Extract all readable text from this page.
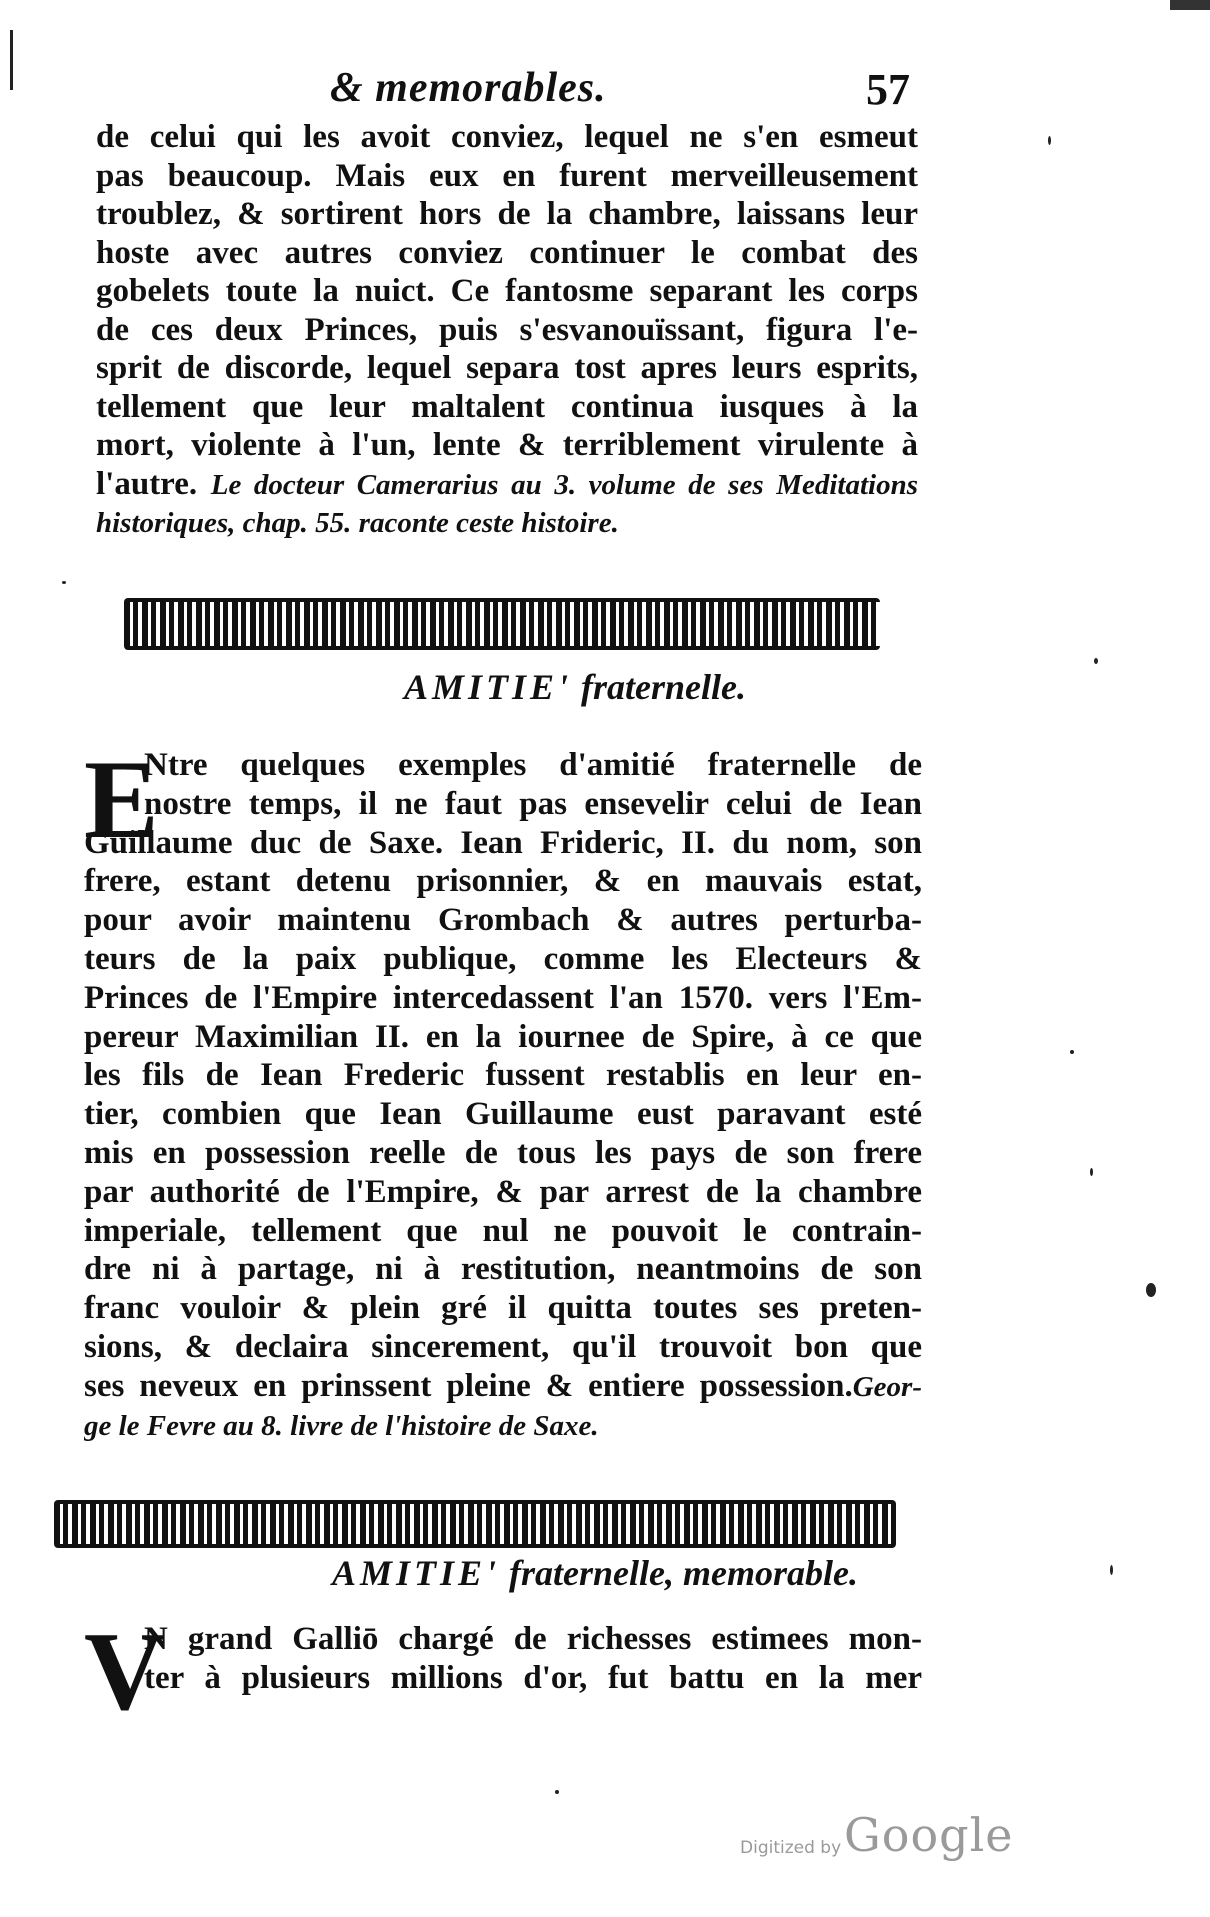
& memorables.	57
de celui qui les avoit conviez, lequel ne s'en esmeut
pas beaucoup. Mais eux en furent merveilleusement
troublez, & sortirent hors de la chambre, laissans leur
hoste avec autres conviez continuer le combat des
gobelets toute la nuict. Ce fantosme separant les corps
de ces deux Princes, puis s'esvanouïssant, figura l'e-
sprit de discorde, lequel separa tost apres leurs esprits,
tellement que leur maltalent continua iusques à la
mort, violente à l'un, lente & terriblement virulente à
l'autre. Le docteur Camerarius au 3. volume de ses Meditations
historiques, chap. 55. raconte ceste histoire.
AMITIE' fraternelle.
E
Ntre quelques exemples d'amitié fraternelle de
nostre temps, il ne faut pas ensevelir celui de Iean
Guillaume duc de Saxe. Iean Frideric, II. du nom, son
frere, estant detenu prisonnier, & en mauvais estat,
pour avoir maintenu Grombach & autres perturba-
teurs de la paix publique, comme les Electeurs &
Princes de l'Empire intercedassent l'an 1570. vers l'Em-
pereur Maximilian II. en la iournee de Spire, à ce que
les fils de Iean Frederic fussent restablis en leur en-
tier, combien que Iean Guillaume eust paravant esté
mis en possession reelle de tous les pays de son frere
par authorité de l'Empire, & par arrest de la chambre
imperiale, tellement que nul ne pouvoit le contrain-
dre ni à partage, ni à restitution, neantmoins de son
franc vouloir & plein gré il quitta toutes ses preten-
sions, & declaira sincerement, qu'il trouvoit bon que
ses neveux en prinssent pleine & entiere possession.Geor-
ge le Fevre au 8. livre de l'histoire de Saxe.
AMITIE' fraternelle, memorable.
V
N grand Galliō chargé de richesses estimees mon-
ter à plusieurs millions d'or, fut battu en la mer
Digitized by Google
